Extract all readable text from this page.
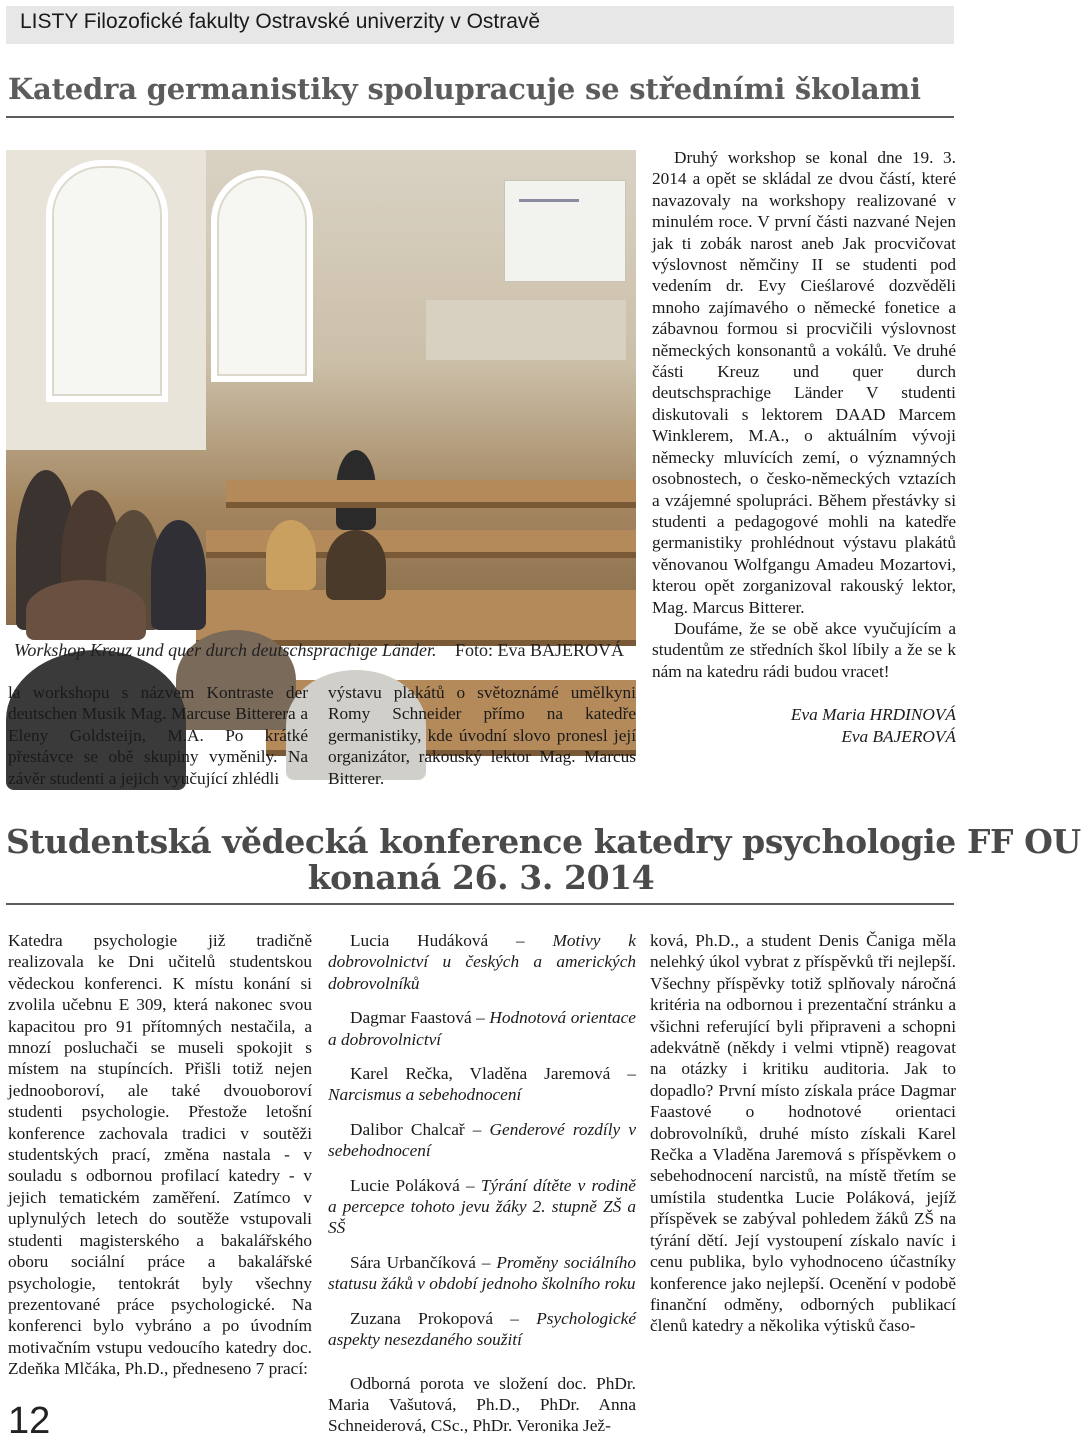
LISTY Filozofické fakulty Ostravské univerzity v Ostravě
Katedra germanistiky spolupracuje se středními školami
Workshop Kreuz und quer durch deutschsprachige Länder. Foto: Eva BAJEROVÁ

la workshopu s názvem Kontraste der deutschen Musik Mag. Marcuse Bitterera a Eleny Goldsteijn, M.A. Po krátké přestávce se obě skupiny vyměnily. Na závěr studenti a jejich vyučující zhlédli

výstavu plakátů o světoznámé umělkyni Romy Schneider přímo na katedře germanistiky, kde úvodní slovo pronesl její organizátor, rakouský lektor Mag. Marcus Bitterer.

Druhý workshop se konal dne 19. 3. 2014 a opět se skládal ze dvou částí, které navazovaly na workshopy realizované v minulém roce. V první části nazvané Nejen jak ti zobák narost aneb Jak procvičovat výslovnost němčiny II se studenti pod vedením dr. Evy Cieślarové dozvěděli mnoho zajímavého o německé fonetice a zábavnou formou si procvičili výslovnost německých konsonantů a vokálů. Ve druhé části Kreuz und quer durch deutschsprachige Länder V studenti diskutovali s lektorem DAAD Marcem Winklerem, M.A., o aktuálním vývoji německy mluvících zemí, o významných osobnostech, o česko-německých vztazích a vzájemné spolupráci. Během přestávky si studenti a pedagogové mohli na katedře germanistiky prohlédnout výstavu plakátů věnovanou Wolfgangu Amadeu Mozartovi, kterou opět zorganizoval rakouský lektor, Mag. Marcus Bitterer.

Doufáme, že se obě akce vyučujícím a studentům ze středních škol líbily a že se k nám na katedru rádi budou vracet!

Eva Maria HRDINOVÁ
Eva BAJEROVÁ

Studentská vědecká konference katedry psychologie FF OU
konaná 26. 3. 2014

Katedra psychologie již tradičně realizovala ke Dni učitelů studentskou vědeckou konferenci. K místu konání si zvolila učebnu E 309, která nakonec svou kapacitou pro 91 přítomných nestačila, a mnozí posluchači se museli spokojit s místem na stupíncích. Přišli totiž nejen jednooboroví, ale také dvouoboroví studenti psychologie. Přestože letošní konference zachovala tradici v soutěži studentských prací, změna nastala - v souladu s odbornou profilací katedry - v jejich tematickém zaměření. Zatímco v uplynulých letech do soutěže vstupovali studenti magisterského a bakalářského oboru sociální práce a bakalářské psychologie, tentokrát byly všechny prezentované práce psychologické. Na konferenci bylo vybráno a po úvodním motivačním vstupu vedoucího katedry doc. Zdeňka Mlčáka, Ph.D., předneseno 7 prací:

Lucia Hudáková – Motivy k dobrovolnictví u českých a amerických dobrovolníků

Dagmar Faastová – Hodnotová orientace a dobrovolnictví

Karel Rečka, Vladěna Jaremová – Narcismus a sebehodnocení

Dalibor Chalcař – Genderové rozdíly v sebehodnocení

Lucie Poláková – Týrání dítěte v rodině a percepce tohoto jevu žáky 2. stupně ZŠ a SŠ

Sára Urbančíková – Proměny sociálního statusu žáků v období jednoho školního roku

Zuzana Prokopová – Psychologické aspekty nesezdaného soužití

Odborná porota ve složení doc. PhDr. Maria Vašutová, Ph.D., PhDr. Anna Schneiderová, CSc., PhDr. Veronika Jež-

ková, Ph.D., a student Denis Čaniga měla nelehký úkol vybrat z příspěvků tři nejlepší. Všechny příspěvky totiž splňovaly náročná kritéria na odbornou i prezentační stránku a všichni referující byli připraveni a schopni adekvátně (někdy i velmi vtipně) reagovat na otázky i kritiku auditoria. Jak to dopadlo? První místo získala práce Dagmar Faastové o hodnotové orientaci dobrovolníků, druhé místo získali Karel Rečka a Vladěna Jaremová s příspěvkem o sebehodnocení narcistů, na místě třetím se umístila studentka Lucie Poláková, jejíž příspěvek se zabýval pohledem žáků ZŠ na týrání dětí. Její vystoupení získalo navíc i cenu publika, bylo vyhodnoceno účastníky konference jako nejlepší. Ocenění v podobě finanční odměny, odborných publikací členů katedry a několika výtisků časo-

12
